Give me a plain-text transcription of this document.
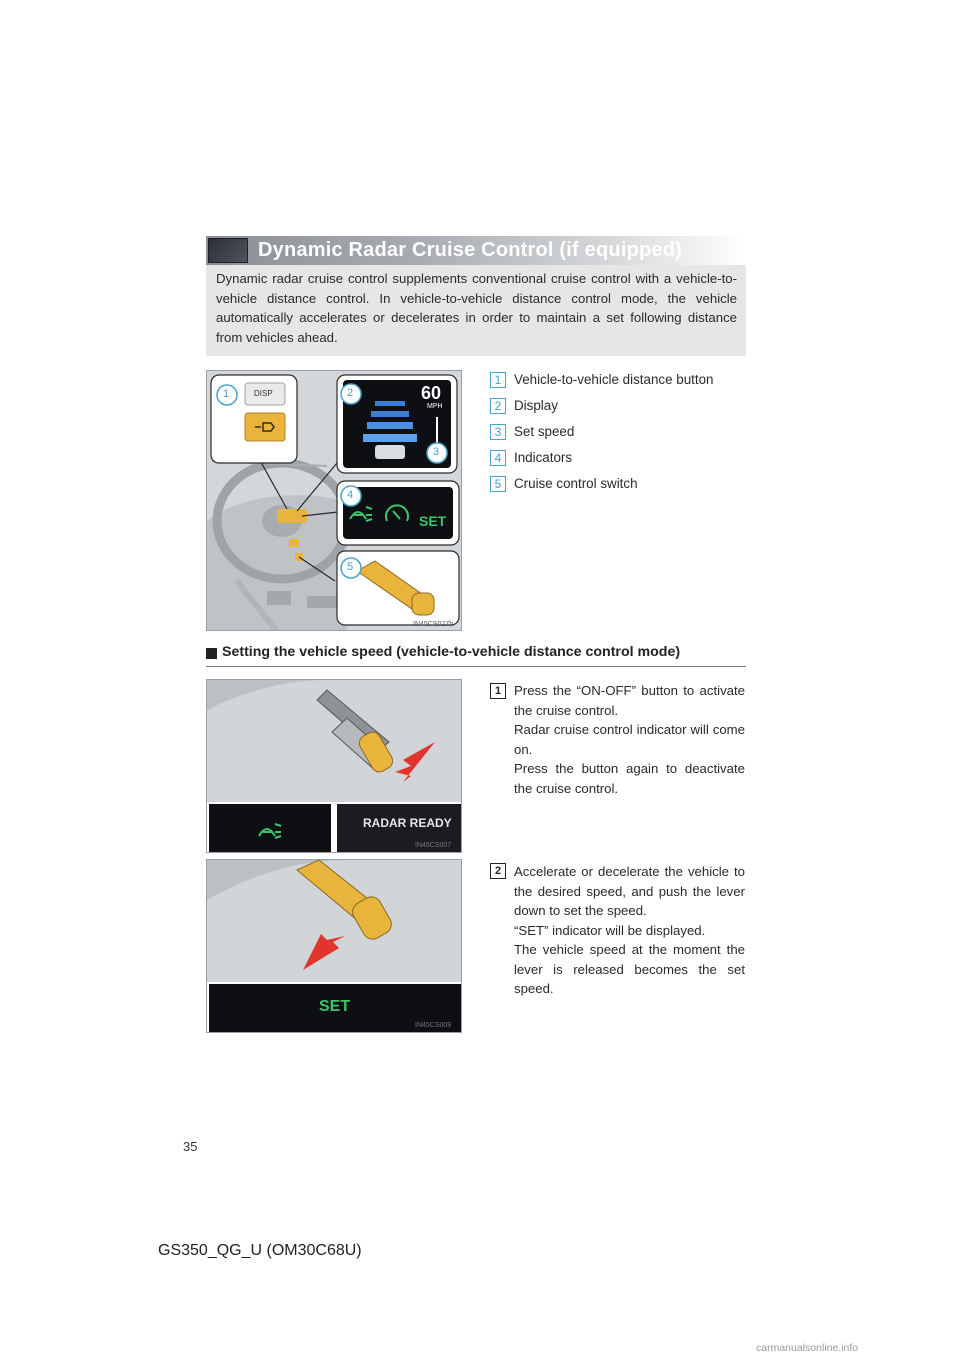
Dynamic Radar Cruise Control (if equipped)
Dynamic radar cruise control supplements conventional cruise control with a vehicle-to-vehicle distance control. In vehicle-to-vehicle distance control mode, the vehicle automatically accelerates or decelerates in order to maintain a set following distance from vehicles ahead.
DISP
1	60
MPH
2
3
SET
4
5
IN45CS027b
1 Vehicle-to-vehicle distance button
2 Display
3 Set speed
4 Indicators
5 Cruise control switch
Setting the vehicle speed (vehicle-to-vehicle distance control mode)
RADAR READY
IN45CS007
1 Press the “ON-OFF” button to activate the cruise control.

Radar cruise control indicator will come on.

Press the button again to deactivate the cruise control.

SET
IN45CS009
2 Accelerate or decelerate the vehicle to the desired speed, and push the lever down to set the speed.

“SET” indicator will be displayed.

The vehicle speed at the moment the lever is released becomes the set speed.

35
GS350_QG_U (OM30C68U)
carmanualsonline.info
